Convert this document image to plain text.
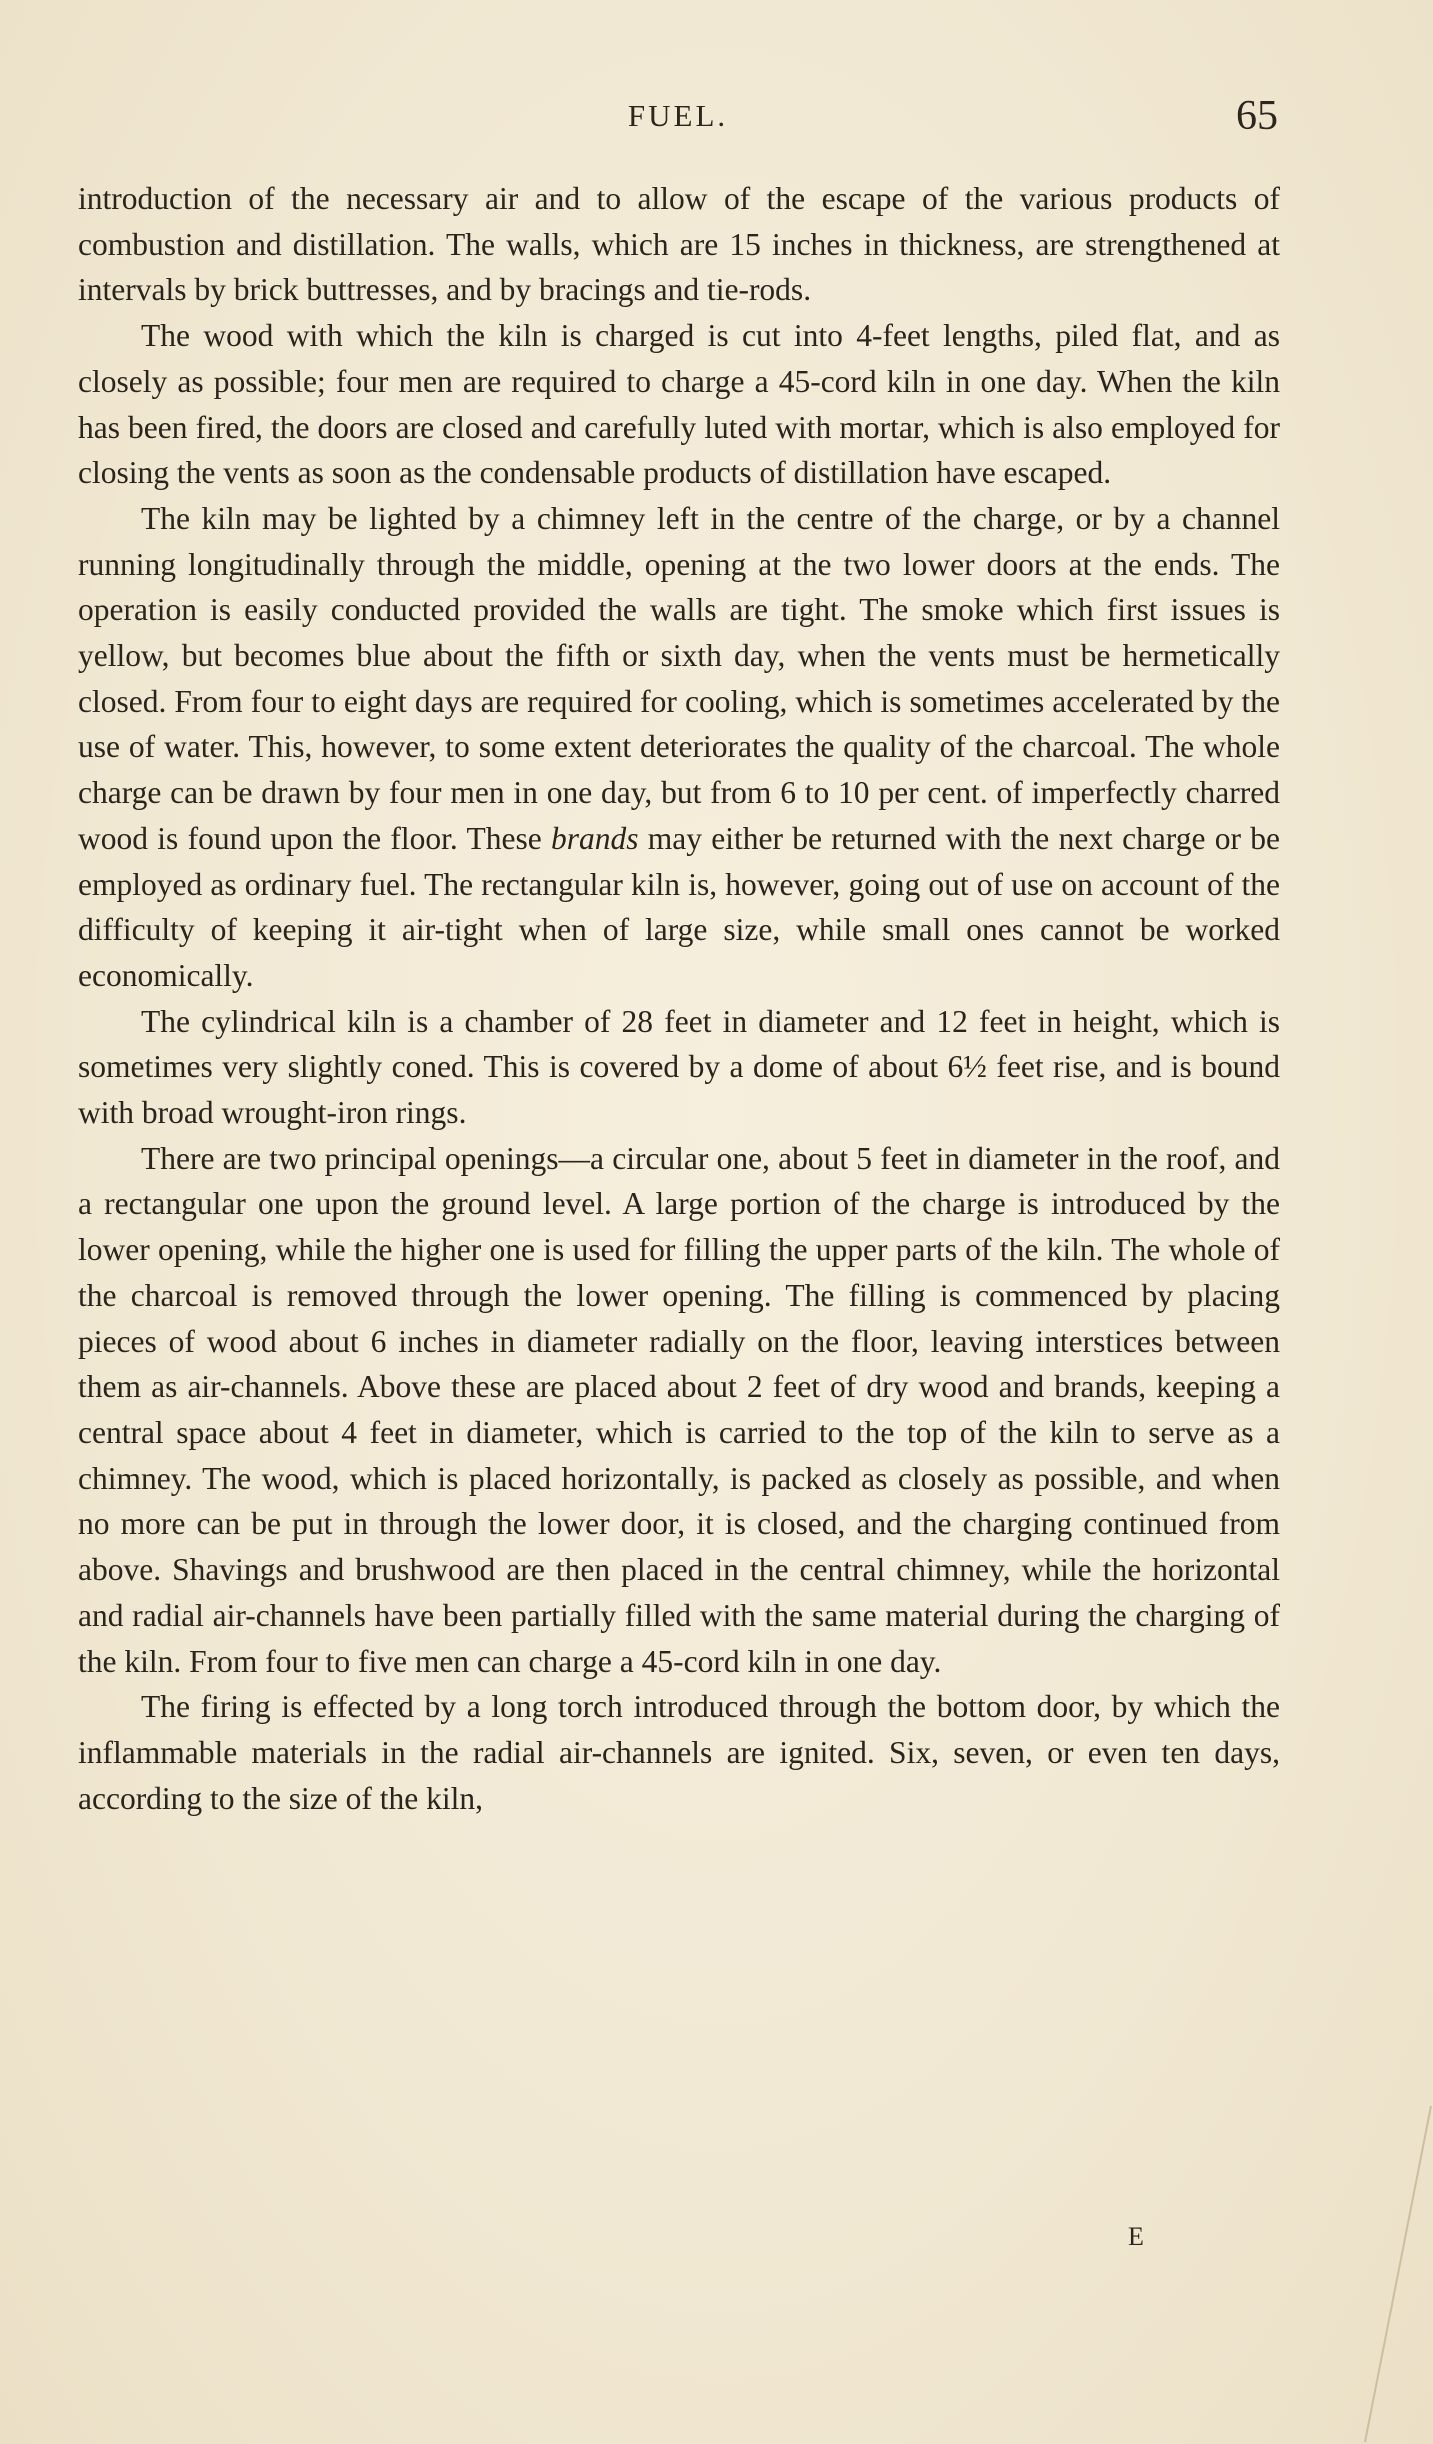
FUEL.	65

introduction of the necessary air and to allow of the escape of the various products of combustion and distillation. The walls, which are 15 inches in thickness, are strengthened at intervals by brick buttresses, and by bracings and tie-rods.

The wood with which the kiln is charged is cut into 4-feet lengths, piled flat, and as closely as possible; four men are required to charge a 45-cord kiln in one day. When the kiln has been fired, the doors are closed and carefully luted with mortar, which is also employed for closing the vents as soon as the condensable products of distillation have escaped.

The kiln may be lighted by a chimney left in the centre of the charge, or by a channel running longitudinally through the middle, opening at the two lower doors at the ends. The operation is easily conducted provided the walls are tight. The smoke which first issues is yellow, but becomes blue about the fifth or sixth day, when the vents must be hermetically closed. From four to eight days are required for cooling, which is sometimes accelerated by the use of water. This, however, to some extent deteriorates the quality of the charcoal. The whole charge can be drawn by four men in one day, but from 6 to 10 per cent. of imperfectly charred wood is found upon the floor. These brands may either be returned with the next charge or be employed as ordinary fuel. The rectangular kiln is, however, going out of use on account of the difficulty of keeping it air-tight when of large size, while small ones cannot be worked economically.

The cylindrical kiln is a chamber of 28 feet in diameter and 12 feet in height, which is sometimes very slightly coned. This is covered by a dome of about 6½ feet rise, and is bound with broad wrought-iron rings.

There are two principal openings—a circular one, about 5 feet in diameter in the roof, and a rectangular one upon the ground level. A large portion of the charge is introduced by the lower opening, while the higher one is used for filling the upper parts of the kiln. The whole of the charcoal is removed through the lower opening. The filling is commenced by placing pieces of wood about 6 inches in diameter radially on the floor, leaving interstices between them as air-channels. Above these are placed about 2 feet of dry wood and brands, keeping a central space about 4 feet in diameter, which is carried to the top of the kiln to serve as a chimney. The wood, which is placed horizontally, is packed as closely as possible, and when no more can be put in through the lower door, it is closed, and the charging continued from above. Shavings and brushwood are then placed in the central chimney, while the horizontal and radial air-channels have been partially filled with the same material during the charging of the kiln. From four to five men can charge a 45-cord kiln in one day.

The firing is effected by a long torch introduced through the bottom door, by which the inflammable materials in the radial air-channels are ignited. Six, seven, or even ten days, according to the size of the kiln,

E
